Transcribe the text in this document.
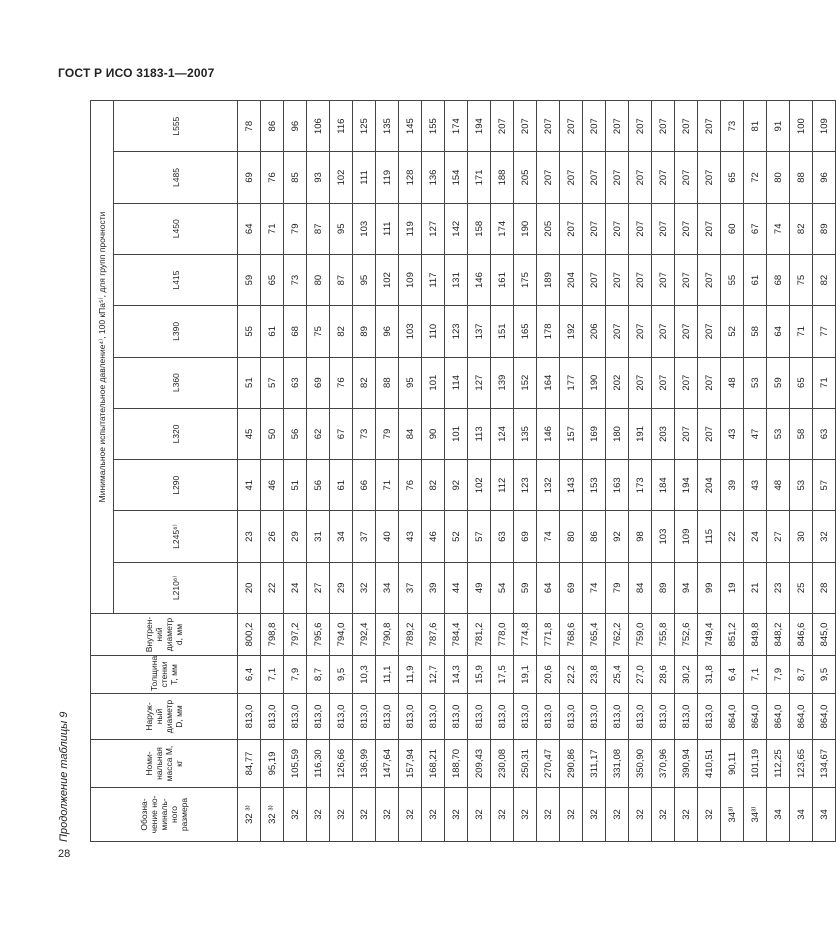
ГОСТ Р ИСО 3183-1—2007
Продолжение таблицы 9	Обозна-чение но-миналь-ного размера	Номи-нальная масса M, кг	Наруж-ный диаметр D, мм	Толщина стенки T, мм	Внутрен-ний диаметр d, мм	Минимальное испытательное давление⁴⁾, 100 кПа⁵⁾, для групп прочности									
					L210⁶⁾	L245⁶⁾	L290	L320	L360	L390	L415	L450	L485	L555
32 ³⁾	84,77	813,0	6,4	800,2	20	23	41	45	51	55	59	64	69	78
32 ³⁾	95,19	813,0	7,1	798,8	22	26	46	50	57	61	65	71	76	86
32	105,59	813,0	7,9	797,2	24	29	51	56	63	68	73	79	85	96
32	116,30	813,0	8,7	795,6	27	31	56	62	69	75	80	87	93	106
32	126,66	813,0	9,5	794,0	29	34	61	67	76	82	87	95	102	116
32	136,99	813,0	10,3	792,4	32	37	66	73	82	89	95	103	111	125
32	147,64	813,0	11,1	790,8	34	40	71	79	88	96	102	111	119	135
32	157,94	813,0	11,9	789,2	37	43	76	84	95	103	109	119	128	145
32	168,21	813,0	12,7	787,6	39	46	82	90	101	110	117	127	136	155
32	188,70	813,0	14,3	784,4	44	52	92	101	114	123	131	142	154	174
32	209,43	813,0	15,9	781,2	49	57	102	113	127	137	146	158	171	194
32	230,08	813,0	17,5	778,0	54	63	112	124	139	151	161	174	188	207
32	250,31	813,0	19,1	774,8	59	69	123	135	152	165	175	190	205	207
32	270,47	813,0	20,6	771,8	64	74	132	146	164	178	189	205	207	207
32	290,86	813,0	22,2	768,6	69	80	143	157	177	192	204	207	207	207
32	311,17	813,0	23,8	765,4	74	86	153	169	190	206	207	207	207	207
32	331,08	813,0	25,4	762,2	79	92	163	180	202	207	207	207	207	207
32	350,90	813,0	27,0	759,0	84	98	173	191	207	207	207	207	207	207
32	370,96	813,0	28,6	755,8	89	103	184	203	207	207	207	207	207	207
32	390,94	813,0	30,2	752,6	94	109	194	207	207	207	207	207	207	207
32	410,51	813,0	31,8	749,4	99	115	204	207	207	207	207	207	207	207
34³⁾	90,11	864,0	6,4	851,2	19	22	39	43	48	52	55	60	65	73
34³⁾	101,19	864,0	7,1	849,8	21	24	43	47	53	58	61	67	72	81
34	112,25	864,0	7,9	848,2	23	27	48	53	59	64	68	74	80	91
34	123,65	864,0	8,7	846,6	25	30	53	58	65	71	75	82	88	100
34	134,67	864,0	9,5	845,0	28	32	57	63	71	77	82	89	96	109
28
